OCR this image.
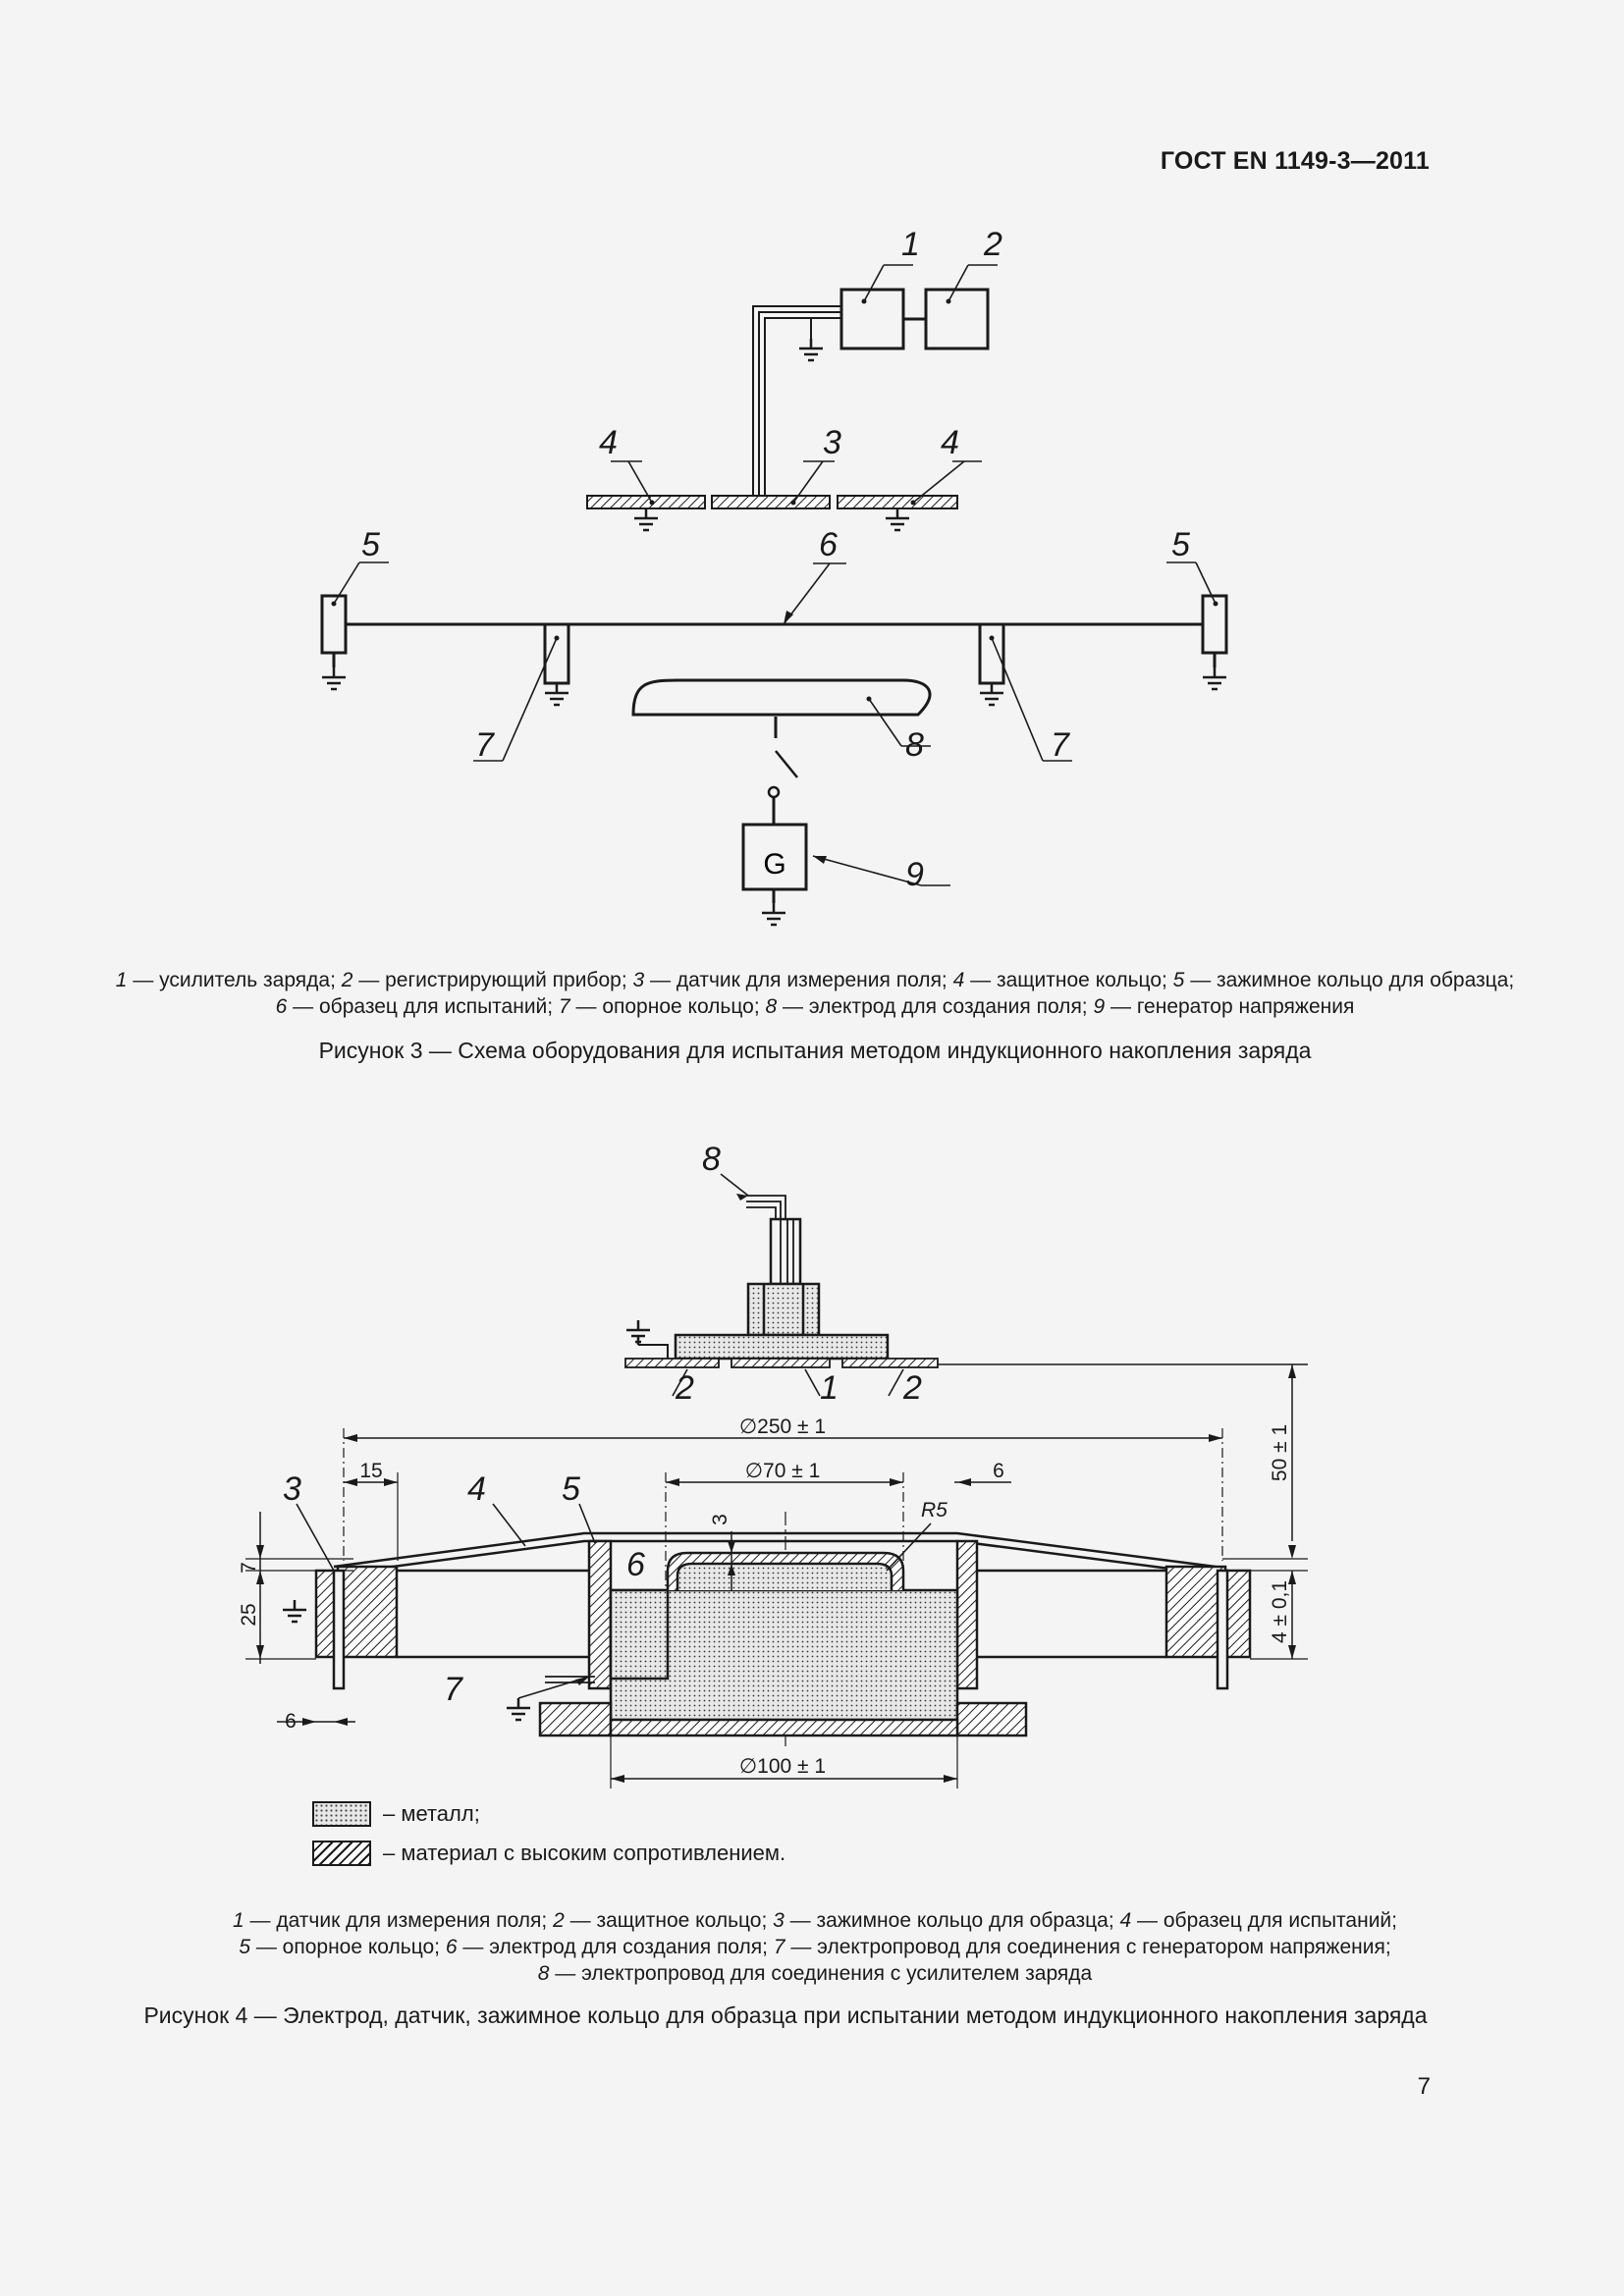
ГОСТ EN 1149-3—2011
1 2
3
4	4
5	5
6
7	7
8
9
G
1 — усилитель заряда; 2 — регистрирующий прибор; 3 — датчик для измерения поля; 4 — защитное кольцо; 5 — зажимное кольцо для образца; 6 — образец для испытаний; 7 — опорное кольцо; 8 — электрод для создания поля; 9 — генератор напряжения
Рисунок 3 — Схема оборудования для испытания методом индукционного накопления заряда
∅250 ± 1
15	∅70 ± 1	6
6
∅100 ± 1
R5
7
25
3
50 ± 1
4 ± 0,1
8
1
2	2
3	4 5
6
7
– металл;
– материал с высоким сопротивлением.
1 — датчик для измерения поля; 2 — защитное кольцо; 3 — зажимное кольцо для образца; 4 — образец для испытаний;
5 — опорное кольцо; 6 — электрод для создания поля; 7 — электропровод для соединения с генератором напряжения;
8 — электропровод для соединения с усилителем заряда
Рисунок 4 — Электрод, датчик, зажимное кольцо для образца при испытании методом индукционного накопления заряда
7
